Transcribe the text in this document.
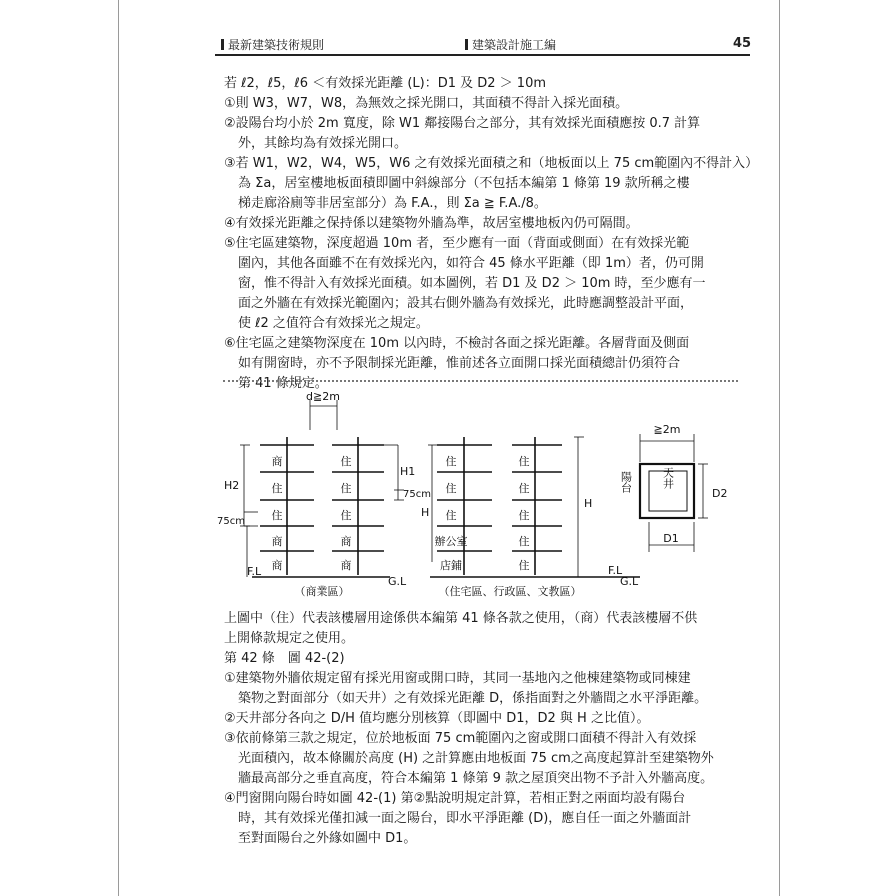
最新建築技術規則	建築設計施工編	45
若 ℓ2，ℓ5，ℓ6 ＜有效採光距離 (L)：D1 及 D2 ＞ 10m
①則 W3，W7，W8，為無效之採光開口，其面積不得計入採光面積。
②設陽台均小於 2m 寬度，除 W1 鄰接陽台之部分，其有效採光面積應按 0.7 計算
外，其餘均為有效採光開口。
③若 W1，W2，W4，W5，W6 之有效採光面積之和（地板面以上 75 cm範圍內不得計入）
為 Σa，居室樓地板面積即圖中斜線部分（不包括本編第 1 條第 19 款所稱之樓
梯走廊浴廁等非居室部分）為 F.A.，則 Σa ≧ F.A./8。
④有效採光距離之保持係以建築物外牆為準，故居室樓地板內仍可隔間。
⑤住宅區建築物，深度超過 10m 者，至少應有一面（背面或側面）在有效採光範
圍內，其他各面雖不在有效採光內，如符合 45 條水平距離（即 1m）者，仍可開
窗，惟不得計入有效採光面積。如本圖例，若 D1 及 D2 ＞ 10m 時，至少應有一
面之外牆在有效採光範圍內；設其右側外牆為有效採光，此時應調整設計平面，
使 ℓ2 之值符合有效採光之規定。
⑥住宅區之建築物深度在 10m 以內時，不檢討各面之採光距離。各層背面及側面
如有開窗時，亦不予限制採光距離，惟前述各立面開口採光面積總計仍須符合
第 41 條規定。
上圖中（住）代表該樓層用途係供本編第 41 條各款之使用，（商）代表該樓層不供
上開條款規定之使用。
第 42 條　圖 42-(2)
①建築物外牆依規定留有採光用窗或開口時，其同一基地內之他棟建築物或同棟建
築物之對面部分（如天井）之有效採光距離 D，係指面對之外牆間之水平淨距離。
②天井部分各向之 D/H 值均應分別核算（即圖中 D1，D2 與 H 之比值）。
③依前條第三款之規定，位於地板面 75 cm範圍內之窗或開口面積不得計入有效採
光面積內，故本條關於高度 (H) 之計算應由地板面 75 cm之高度起算計至建築物外
牆最高部分之垂直高度，符合本編第 1 條第 9 款之屋頂突出物不予計入外牆高度。
④門窗開向陽台時如圖 42-(1) 第②點說明規定計算，若相正對之兩面均設有陽台
時，其有效採光僅扣減一面之陽台，即水平淨距離 (D)，應自任一面之外牆面計
至對面陽台之外緣如圖中 D1。
商
住
住
商
商
住
住
住
商
商
住
住
住
辦公室
店鋪
住
住
住
住
住
d≧2m
H2
75cm
F.L
G.L
（商業區）
H1
75cm
H
H
F.L
G.L
（住宅區、行政區、文教區）
≧2m
D2
D1
陽台	天井
